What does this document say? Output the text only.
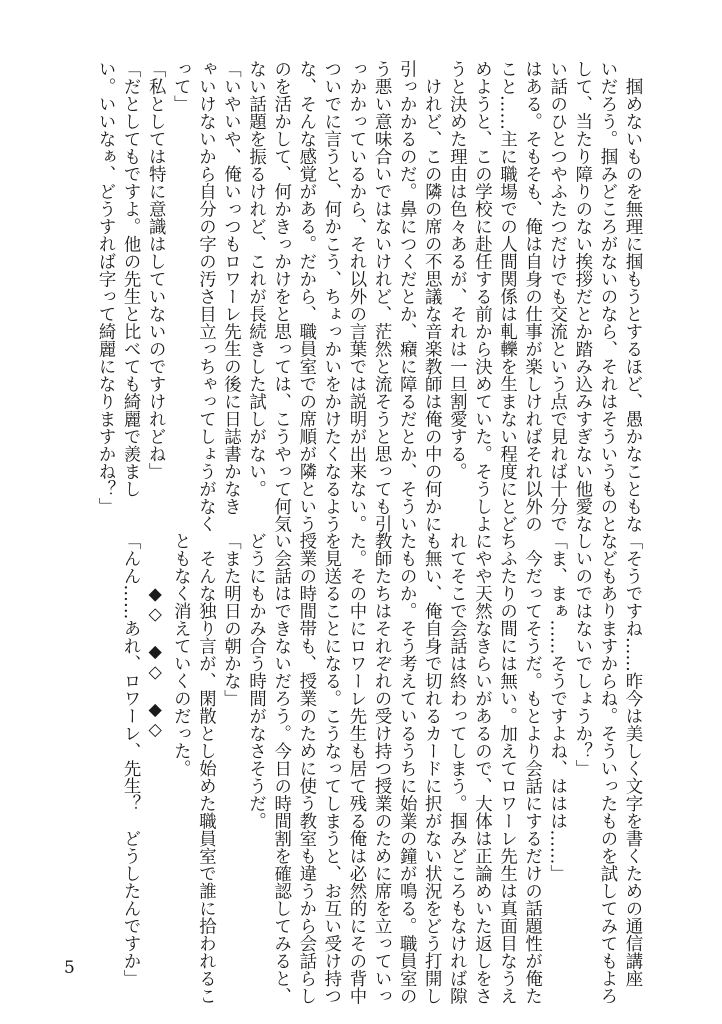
　掴めないものを無理に掴もうとするほど、愚かなこともな
いだろう。掴みどころがないのなら、それはそういうものと
して、当たり障りのない挨拶だとか踏み込みすぎない他愛な
い話のひとつやふたつだけでも交流という点で見れば十分で
はある。そもそも、俺は自身の仕事が楽しければそれ以外の
こと……主に職場での人間関係は軋轢を生まない程度にとど
めようと、この学校に赴任する前から決めていた。そうしよ
うと決めた理由は色々あるが、それは一旦割愛する。
　けれど、この隣の席の不思議な音楽教師は俺の中の何かに
引っかかるのだ。鼻につくだとか、癪に障るだとか、そうい
う悪い意味合いではないけれど、茫然と流そうと思っても引
っかかっているから、それ以外の言葉では説明が出来ない。
ついでに言うと、何かこう、ちょっかいをかけたくなるよう
な、そんな感覚がある。だから、職員室での席順が隣という
のを活かして、何かきっかけをと思っては、こうやって何気
ない話題を振るけれど、これが長続きした試しがない。
「いやいや、俺いっつもロワーレ先生の後に日誌書かなき
ゃいけないから自分の字の汚さ目立っちゃってしょうがなく
って」
「私としては特に意識はしていないのですけれどね」
「だとしてもですよ。他の先生と比べても綺麗で羨まし
い。いいなぁ、どうすれば字って綺麗になりますかね？」
「そうですね……昨今は美しく文字を書くための通信講座
などもありますからね。そういったものを試してみてもよろ
しいのではないでしょうか？」
「ま、まぁ……そうですよね、ははは……」
　今だってそうだ。もとより会話にするだけの話題性が俺た
ちふたりの間には無い。加えてロワーレ先生は真面目なうえ
にやや天然なきらいがあるので、大体は正論めいた返しをさ
れてそこで会話は終わってしまう。掴みどころもなければ隙
も無い、俺自身で切れるカードに択がない状況をどう打開し
たものか。そう考えているうちに始業の鐘が鳴る。職員室の
教師たちはそれぞれの受け持つ授業のために席を立っていっ
た。その中にロワーレ先生も居て残る俺は必然的にその背中
を見送ることになる。こうなってしまうと、お互い受け持つ
授業の時間帯も、授業のために使う教室も違うから会話らし
い会話はできないだろう。今日の時間割を確認してみると、
どうにもかみ合う時間がなさそうだ。
「また明日の朝かな」
　そんな独り言が、閑散とし始めた職員室で誰に拾われるこ
ともなく消えていくのだった。
　　　◆◇　◆◇　◆◇
「んん……あれ、ロワーレ、先生？　どうしたんですか」
5
